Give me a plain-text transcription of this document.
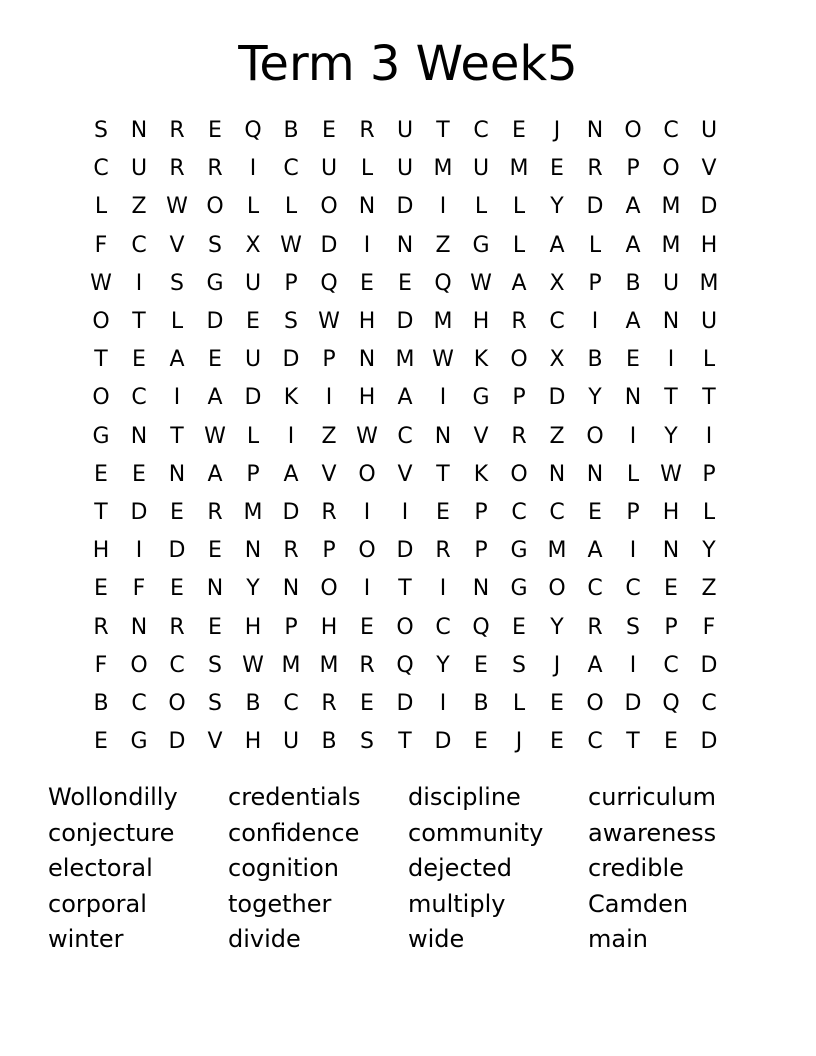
Term 3 Week5
S	N	R	E	Q B	E	R	U	T	C	E	J	N O C	U
C	U	R	R	I	C	U	L	U M U M E	R	P	O V
L	Z W O	L	L	O N D	I	L	L	Y	D	A M D
F	C	V	S	X W D	I	N	Z G	L	A	L	A M H
W	I	S	G U	P	Q	E	E	Q W A	X	P	B	U M
O	T	L	D	E	S W H D M H	R	C	I	A	N U
T	E	A	E	U D	P	N M W K	O X	B	E	I	L
O C	I	A D	K	I	H	A	I	G	P	D	Y	N	T	T
G N	T W L	I	Z W C	N	V	R	Z O	I	Y	I
E	E	N	A	P	A	V O V	T	K	O N N	L W P
T	D	E	R M D R	I	I	E	P	C	C	E	P	H	L
H	I	D	E	N	R	P	O D R	P	G M A	I	N	Y
E	F	E	N	Y	N O	I	T	I	N G O C	C	E	Z
R	N	R	E	H	P	H	E	O C Q	E	Y	R	S	P	F
F	O C	S W M M R Q	Y	E	S	J	A	I	C D
B	C O	S	B	C	R	E	D	I	B	L	E	O D Q C
E	G D	V	H U	B	S	T	D	E	J	E	C	T	E	D
Wollondilly	credentials	discipline	curriculum
conjecture	confidence	community	awareness
electoral	cognition	dejected	credible
corporal	together	multiply	Camden
winter	divide	wide	main
